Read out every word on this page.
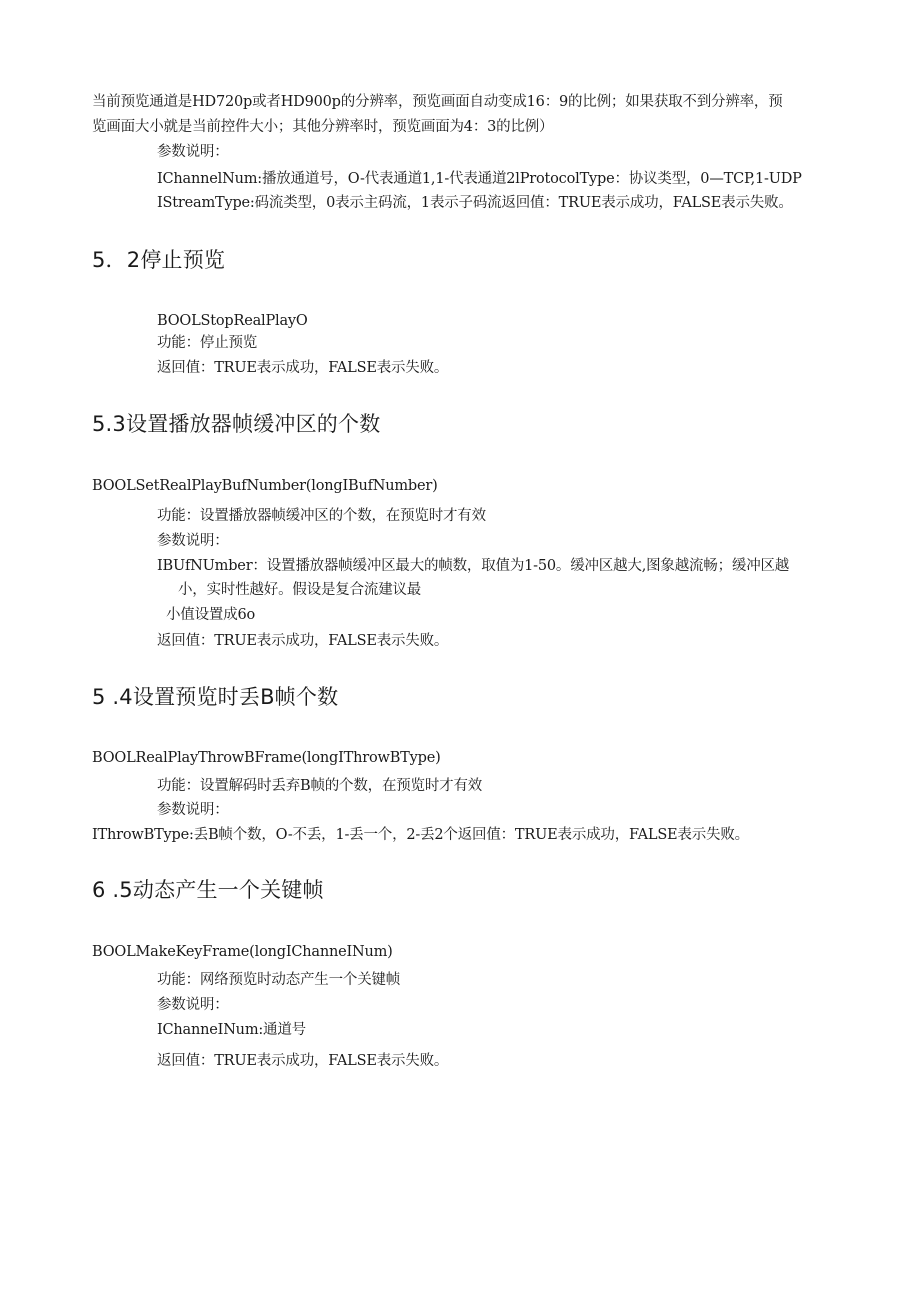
当前预览通道是HD720p或者HD900p的分辨率，预览画面自动变成16：9的比例；如果获取不到分辨率，预
览画面大小就是当前控件大小；其他分辨率时，预览画面为4：3的比例）
参数说明：
IChannelNum:播放通道号，O-代表通道1,1-代表通道2lProtocolType：协议类型，0—TCP,1-UDP
IStreamType:码流类型，0表示主码流，1表示子码流返回值：TRUE表示成功，FALSE表示失败。
5．2停止预览
BOOLStopRealPlayO
功能：停止预览
返回值：TRUE表示成功，FALSE表示失败。
5.3设置播放器帧缓冲区的个数
BOOLSetRealPlayBufNumber(longIBufNumber)
功能：设置播放器帧缓冲区的个数，在预览时才有效
参数说明：
IBUfNUmber：设置播放器帧缓冲区最大的帧数，取值为1-50。缓冲区越大,图象越流畅；缓冲区越
小，实时性越好。假设是复合流建议最
小值设置成6o
返回值：TRUE表示成功，FALSE表示失败。
5 .4设置预览时丢B帧个数
BOOLRealPlayThrowBFrame(longIThrowBType)
功能：设置解码时丢弃B帧的个数，在预览时才有效
参数说明：
IThrowBType:丢B帧个数，O-不丢，1-丢一个，2-丢2个返回值：TRUE表示成功，FALSE表示失败。
6 .5动态产生一个关键帧
BOOLMakeKeyFrame(longIChanneINum)
功能：网络预览时动态产生一个关键帧
参数说明：
IChanneINum:通道号
返回值：TRUE表示成功，FALSE表示失败。
